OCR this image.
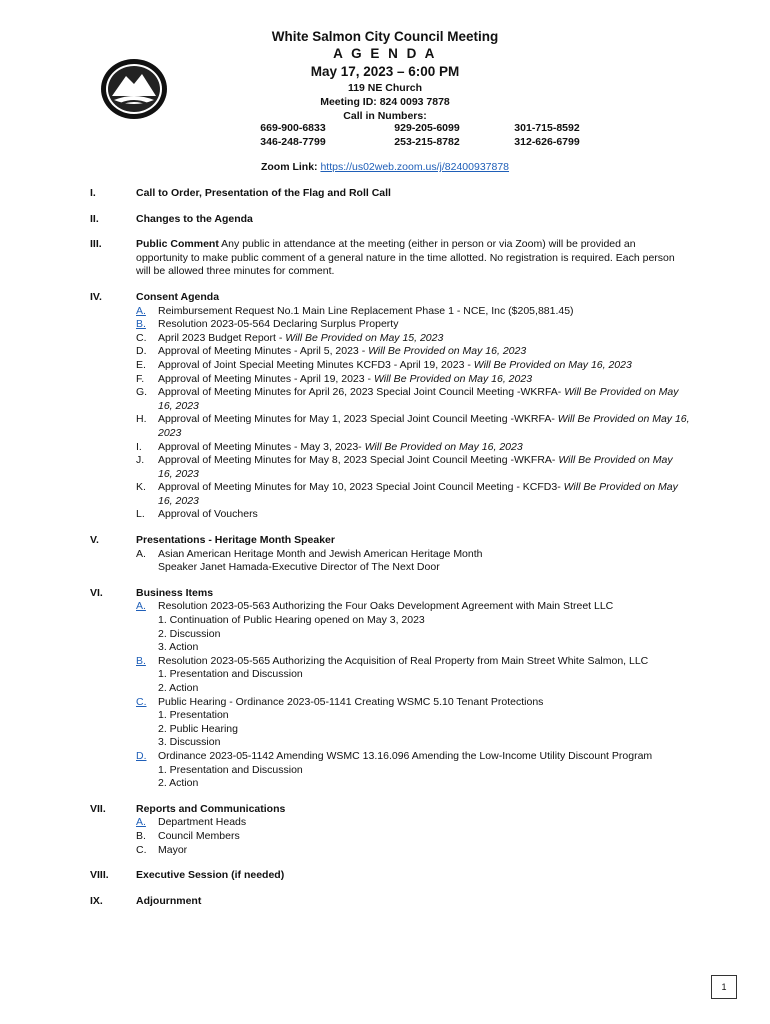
White Salmon City Council Meeting
A G E N D A
May 17, 2023 – 6:00 PM
119 NE Church
Meeting ID: 824 0093 7878
Call in Numbers:
669-900-6833	929-205-6099	301-715-8592
346-248-7799	253-215-8782	312-626-6799
Zoom Link: https://us02web.zoom.us/j/82400937878
I.	Call to Order, Presentation of the Flag and Roll Call
II.	Changes to the Agenda
III.	Public Comment Any public in attendance at the meeting (either in person or via Zoom) will be provided an opportunity to make public comment of a general nature in the time allotted. No registration is required. Each person will be allowed three minutes for comment.
IV.	Consent Agenda
A. Reimbursement Request No.1 Main Line Replacement Phase 1 - NCE, Inc ($205,881.45)
B. Resolution 2023-05-564 Declaring Surplus Property
C. April 2023 Budget Report - Will Be Provided on May 15, 2023
D. Approval of Meeting Minutes - April 5, 2023 - Will Be Provided on May 16, 2023
E. Approval of Joint Special Meeting Minutes KCFD3 - April 19, 2023 - Will Be Provided on May 16, 2023
F. Approval of Meeting Minutes - April 19, 2023 - Will Be Provided on May 16, 2023
G. Approval of Meeting Minutes for April 26, 2023 Special Joint Council Meeting -WKRFA- Will Be Provided on May 16, 2023
H. Approval of Meeting Minutes for May 1, 2023 Special Joint Council Meeting -WKRFA- Will Be Provided on May 16, 2023
I. Approval of Meeting Minutes - May 3, 2023- Will Be Provided on May 16, 2023
J. Approval of Meeting Minutes for May 8, 2023 Special Joint Council Meeting -WKFRA- Will Be Provided on May 16, 2023
K. Approval of Meeting Minutes for May 10, 2023 Special Joint Council Meeting - KCFD3- Will Be Provided on May 16, 2023
L. Approval of Vouchers
V.	Presentations - Heritage Month Speaker
A. Asian American Heritage Month and Jewish American Heritage Month
Speaker Janet Hamada-Executive Director of The Next Door
VI.	Business Items
A. Resolution 2023-05-563 Authorizing the Four Oaks Development Agreement with Main Street LLC
1. Continuation of Public Hearing opened on May 3, 2023
2. Discussion
3. Action
B. Resolution 2023-05-565 Authorizing the Acquisition of Real Property from Main Street White Salmon, LLC
1. Presentation and Discussion
2. Action
C. Public Hearing - Ordinance 2023-05-1141 Creating WSMC 5.10 Tenant Protections
1. Presentation
2. Public Hearing
3. Discussion
D. Ordinance 2023-05-1142 Amending WSMC 13.16.096 Amending the Low-Income Utility Discount Program
1. Presentation and Discussion
2. Action
VII.	Reports and Communications
A. Department Heads
B. Council Members
C. Mayor
VIII.	Executive Session (if needed)
IX.	Adjournment
1
